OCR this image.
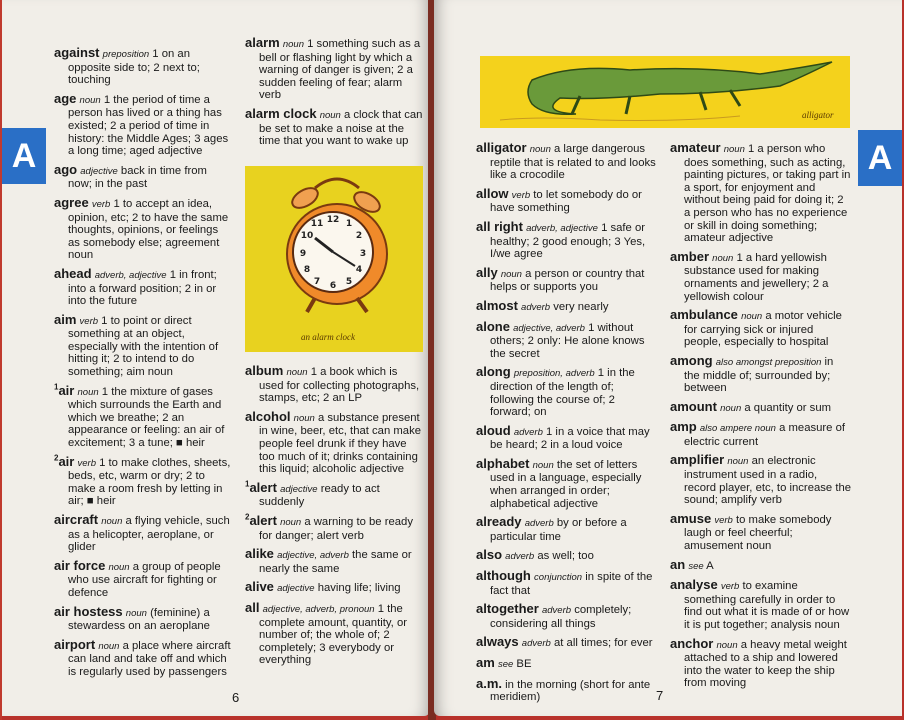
A
against preposition 1 on an opposite side to; 2 next to; touching
age noun 1 the period of time a person has lived or a thing has existed; 2 a period of time in history: the Middle Ages; 3 ages a long time; aged adjective
ago adjective back in time from now; in the past
agree verb 1 to accept an idea, opinion, etc; 2 to have the same thoughts, opinions, or feelings as somebody else; agreement noun
ahead adverb, adjective 1 in front; into a forward position; 2 in or into the future
aim verb 1 to point or direct something at an object, especially with the intention of hitting it; 2 to intend to do something; aim noun
$^1$air noun 1 the mixture of gases which surrounds the Earth and which we breathe; 2 an appearance or feeling: an air of excitement; 3 a tune; ■ heir
$^2$air verb 1 to make clothes, sheets, beds, etc, warm or dry; 2 to make a room fresh by letting in air; ■ heir
aircraft noun a flying vehicle, such as a helicopter, aeroplane, or glider
air force noun a group of people who use aircraft for fighting or defence
air hostess noun (feminine) a stewardess on an aeroplane
airport noun a place where aircraft can land and take off and which is regularly used by passengers
alarm noun 1 something such as a bell or flashing light by which a warning of danger is given; 2 a sudden feeling of fear; alarm verb
alarm clock noun a clock that can be set to make a noise at the time that you want to wake up
12 1
2
3
4
5
6
7
8
9
10
11
an alarm clock
album noun 1 a book which is used for collecting photographs, stamps, etc; 2 an LP
alcohol noun a substance present in wine, beer, etc, that can make people feel drunk if they have too much of it; drinks containing this liquid; alcoholic adjective
$^1$alert adjective ready to act suddenly
$^2$alert noun a warning to be ready for danger; alert verb
alike adjective, adverb the same or nearly the same
alive adjective having life; living
all adjective, adverb, pronoun 1 the complete amount, quantity, or number of; the whole of; 2 completely; 3 everybody or everything
6	7
A
alligator
alligator noun a large dangerous reptile that is related to and looks like a crocodile
allow verb to let somebody do or have something
all right adverb, adjective 1 safe or healthy; 2 good enough; 3 Yes, I/we agree
ally noun a person or country that helps or supports you
almost adverb very nearly
alone adjective, adverb 1 without others; 2 only: He alone knows the secret
along preposition, adverb 1 in the direction of the length of; following the course of; 2 forward; on
aloud adverb 1 in a voice that may be heard; 2 in a loud voice
alphabet noun the set of letters used in a language, especially when arranged in order; alphabetical adjective
already adverb by or before a particular time
also adverb as well; too
although conjunction in spite of the fact that
altogether adverb completely; considering all things
always adverb at all times; for ever
am see BE
a.m. in the morning (short for ante meridiem)
amateur noun 1 a person who does something, such as acting, painting pictures, or taking part in a sport, for enjoyment and without being paid for doing it; 2 a person who has no experience or skill in doing something; amateur adjective
amber noun 1 a hard yellowish substance used for making ornaments and jewellery; 2 a yellowish colour
ambulance noun a motor vehicle for carrying sick or injured people, especially to hospital
among also amongst preposition in the middle of; surrounded by; between
amount noun a quantity or sum
amp also ampere noun a measure of electric current
amplifier noun an electronic instrument used in a radio, record player, etc, to increase the sound; amplify verb
amuse verb to make somebody laugh or feel cheerful; amusement noun
an see A
analyse verb to examine something carefully in order to find out what it is made of or how it is put together; analysis noun
anchor noun a heavy metal weight attached to a ship and lowered into the water to keep the ship from moving
